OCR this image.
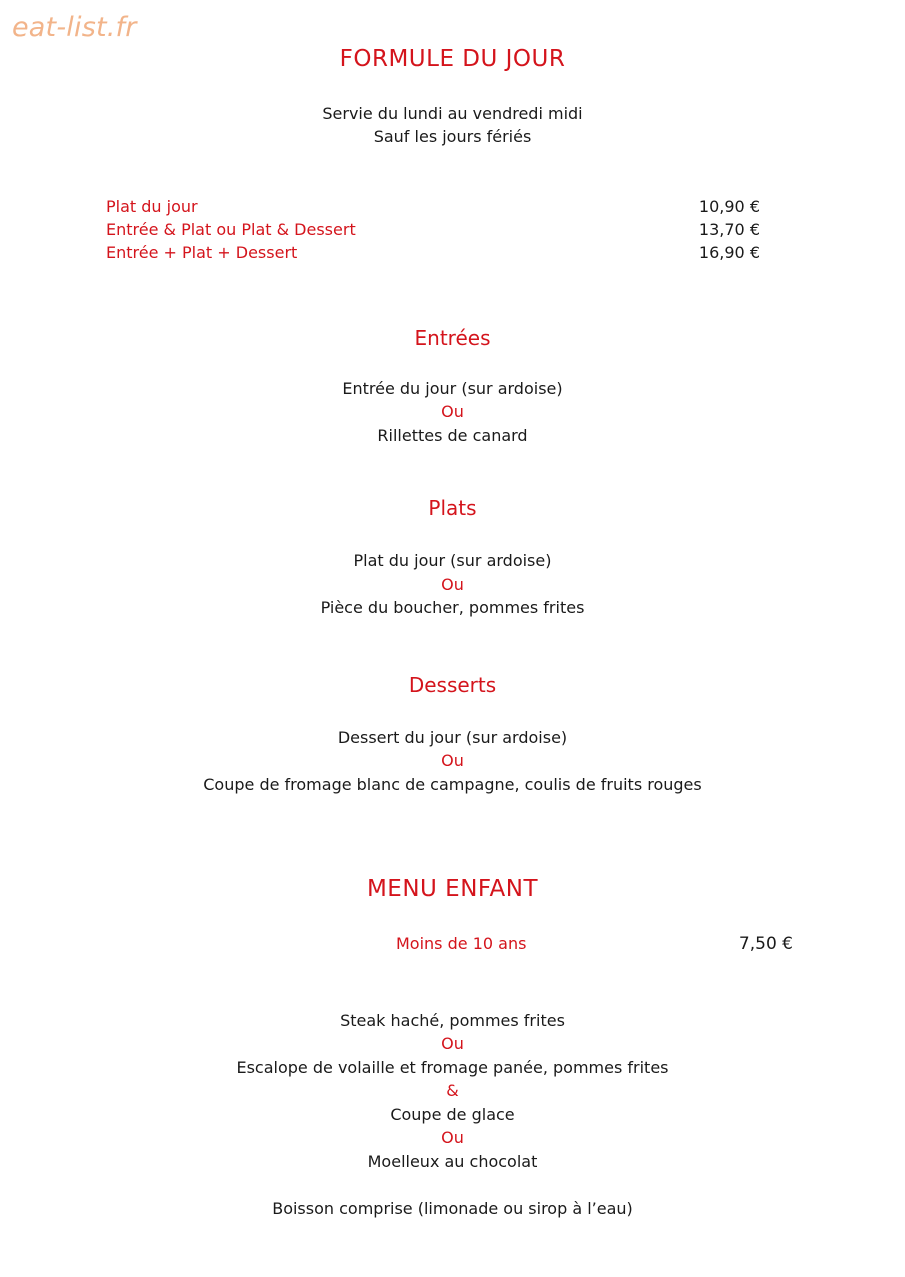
eat-list.fr
FORMULE DU JOUR
Servie du lundi au vendredi midi
Sauf les jours fériés
Plat du jour	10,90 €
Entrée & Plat ou Plat & Dessert	13,70 €
Entrée + Plat + Dessert	16,90 €
Entrées
Entrée du jour (sur ardoise)
Ou
Rillettes de canard
Plats
Plat du jour (sur ardoise)
Ou
Pièce du boucher, pommes frites
Desserts
Dessert du jour (sur ardoise)
Ou
Coupe de fromage blanc de campagne, coulis de fruits rouges
MENU ENFANT
Moins de 10 ans	7,50 €
Steak haché, pommes frites
Ou
Escalope de volaille et fromage panée, pommes frites
&
Coupe de glace
Ou
Moelleux au chocolat
Boisson comprise (limonade ou sirop à l’eau)
